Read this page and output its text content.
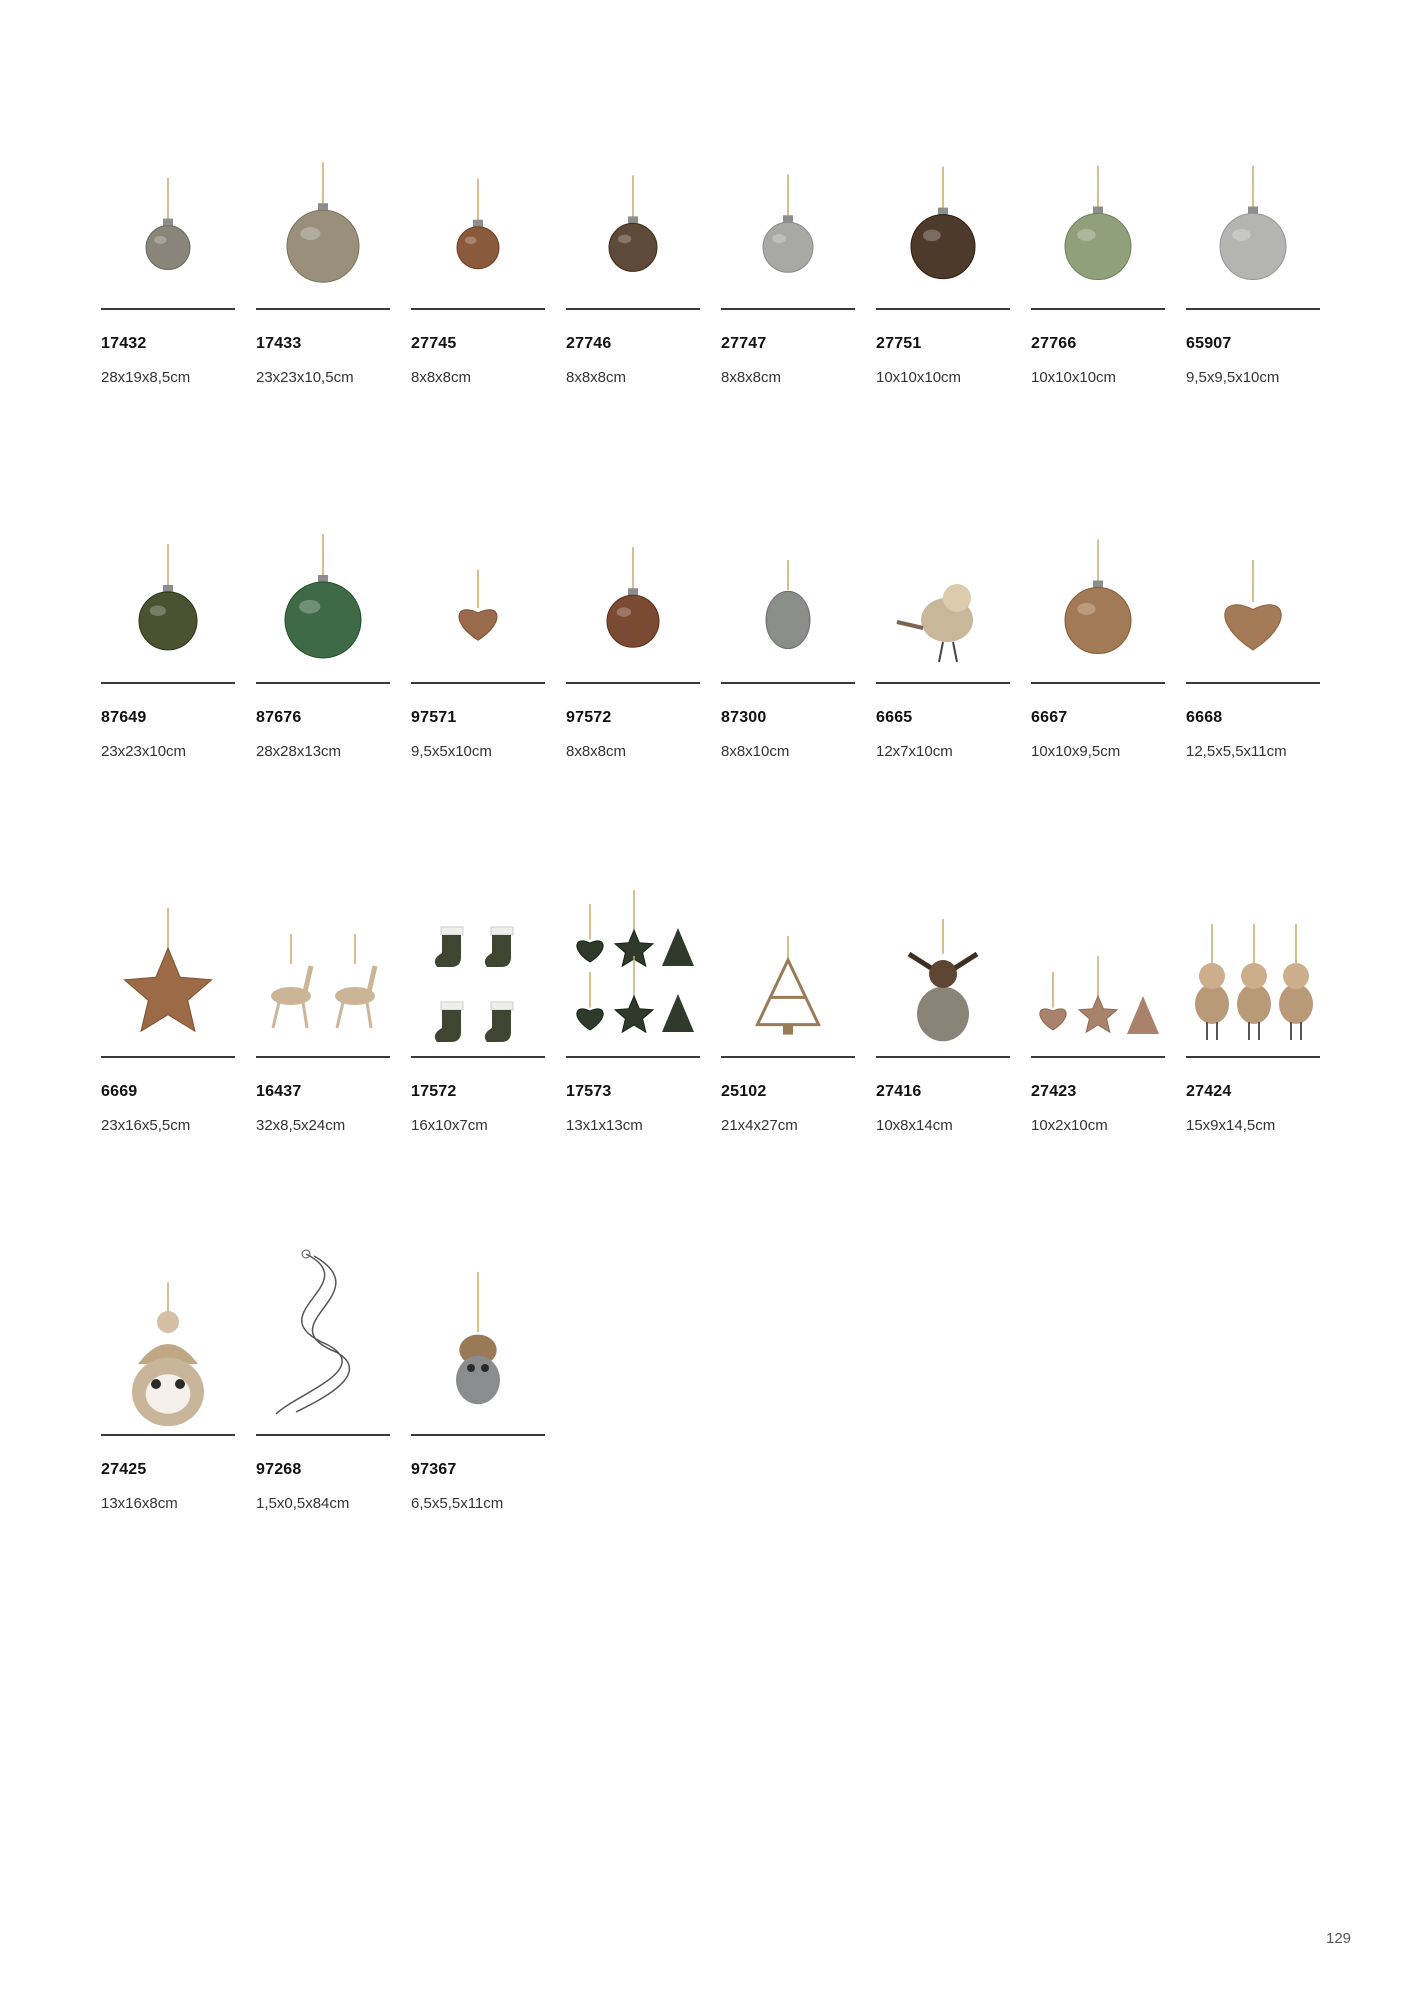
17432
28x19x8,5cm
17433
23x23x10,5cm
27745
8x8x8cm
27746
8x8x8cm
27747
8x8x8cm
27751
10x10x10cm
27766
10x10x10cm
65907
9,5x9,5x10cm
87649
23x23x10cm
87676
28x28x13cm
97571
9,5x5x10cm
97572
8x8x8cm
87300
8x8x10cm
6665
12x7x10cm
6667
10x10x9,5cm
6668
12,5x5,5x11cm
6669
23x16x5,5cm
16437
32x8,5x24cm
17572
16x10x7cm
17573
13x1x13cm
25102
21x4x27cm
27416
10x8x14cm
27423
10x2x10cm
27424
15x9x14,5cm
27425
13x16x8cm
97268
1,5x0,5x84cm
97367
6,5x5,5x11cm
129
